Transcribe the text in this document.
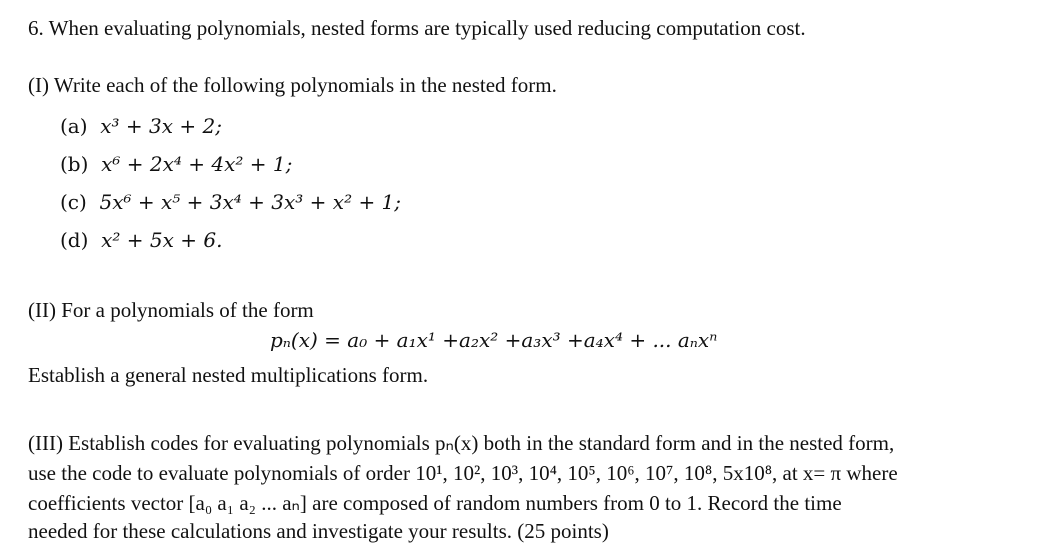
6. When evaluating polynomials, nested forms are typically used reducing computation cost.
(I) Write each of the following polynomials in the nested form.
(a) x³ + 3x + 2;
(b) x⁶ + 2x⁴ + 4x² + 1;
(c) 5x⁶ + x⁵ + 3x⁴ + 3x³ + x² + 1;
(d) x² + 5x + 6.
(II) For a polynomials of the form
pₙ(x) = a₀ + a₁x¹ +a₂x² +a₃x³ +a₄x⁴ + ... aₙxⁿ
Establish a general nested multiplications form.
(III) Establish codes for evaluating polynomials pₙ(x) both in the standard form and in the nested form,
use the code to evaluate polynomials of order 10¹, 10², 10³, 10⁴, 10⁵, 10⁶, 10⁷, 10⁸, 5x10⁸, at x= π where
coefficients vector [a₀ a₁ a₂ ... aₙ] are composed of random numbers from 0 to 1. Record the time
needed for these calculations and investigate your results. (25 points)
